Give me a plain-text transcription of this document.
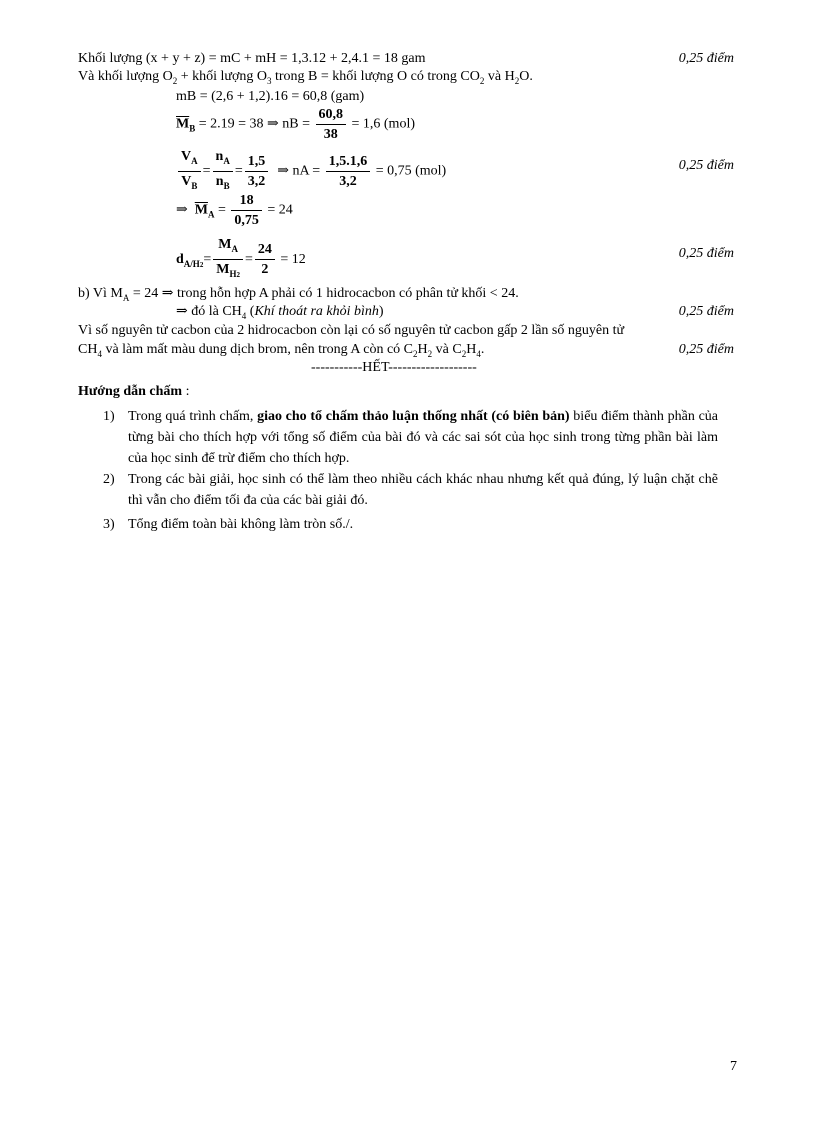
Khối lượng (x + y + z) = mC + mH = 1,3.12 + 2,4.1 = 18 gam	0,25 điểm
Và khối lượng $O_2$ + khối lượng $O_3$ trong B = khối lượng O có trong $CO_2$ và $H_2O$.
mB = (2,6 + 1,2).16 = 60,8 (gam)
$\overline{M}_B = 2.19 = 38$ ⇒ nB = $\frac{60,8}{38} = 1,6$ (mol)
$\frac{V_A}{V_B} = \frac{n_A}{n_B} = \frac{1,5}{3,2}$ ⇒ nA = $\frac{1,5.1,6}{3,2} = 0,75$ (mol)	0,25 điểm
⇒ $\overline{M}_A = \frac{18}{0,75} = 24$
$d_{A/H2}= \frac{M_A}{M_{H2}} = \frac{24}{2} = 12$	0,25 điểm
b) Vì $M_A = 24$ ⇒ trong hỗn hợp A phải có 1 hidrocacbon có phân tử khối < 24.
⇒ đó là $CH_4$ (Khí thoát ra khỏi bình)	0,25 điểm
Vì số nguyên tử cacbon của 2 hidrocacbon còn lại có số nguyên tử cacbon gấp 2 lần số nguyên tử
$CH_4$ và làm mất màu dung dịch brom, nên trong A còn có $C_2H_2$ và $C_2H_4$.	0,25 điểm
-----------HẾT-------------------
Hướng dẫn chấm :
1) Trong quá trình chấm, giao cho tổ chấm thảo luận thống nhất (có biên bản) biểu điểm thành phần của từng bài cho thích hợp với tổng số điểm của bài đó và các sai sót của học sinh trong từng phần bài làm của học sinh để trừ điểm cho thích hợp.
2) Trong các bài giải, học sinh có thể làm theo nhiều cách khác nhau nhưng kết quả đúng, lý luận chặt chẽ thì vẫn cho điểm tối đa của các bài giải đó.
3) Tổng điểm toàn bài không làm tròn số./.
7
